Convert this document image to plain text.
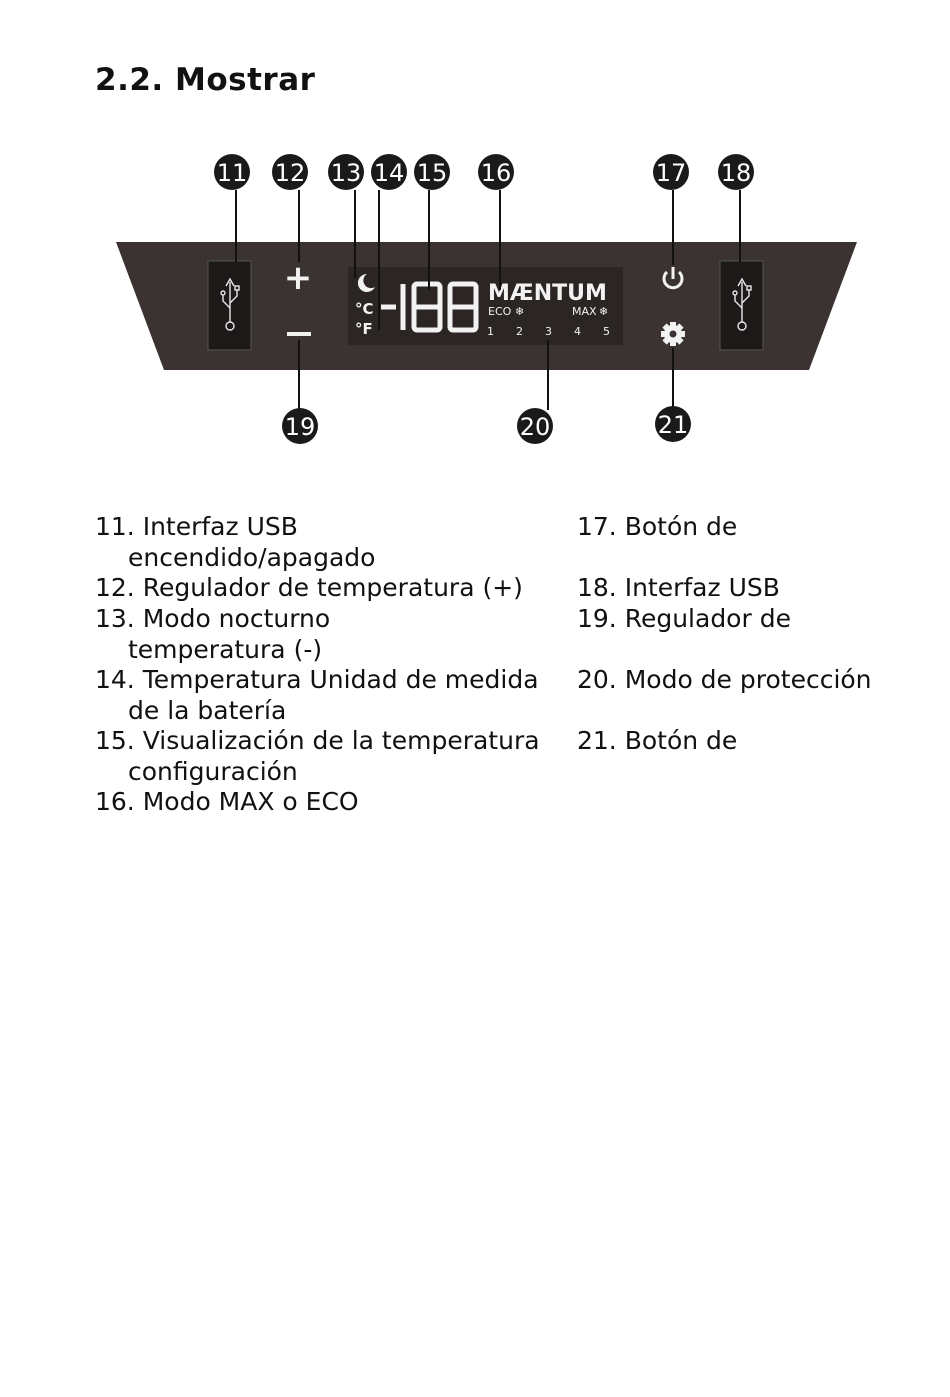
2.2. Mostrar
+
°C
°F
MÆNTUM
ECO ❄	MAX ❄
1 2 3 4 5
11 12 13 14 15 16	17 18
19	20	21
11. Interfaz USB
encendido/apagado
12. Regulador de temperatura (+)
13. Modo nocturno
temperatura (-)
14. Temperatura Unidad de medida
de la batería
15. Visualización de la temperatura
configuración
16. Modo MAX o ECO
17. Botón de
18. Interfaz USB
19. Regulador de
20. Modo de protección
21. Botón de
